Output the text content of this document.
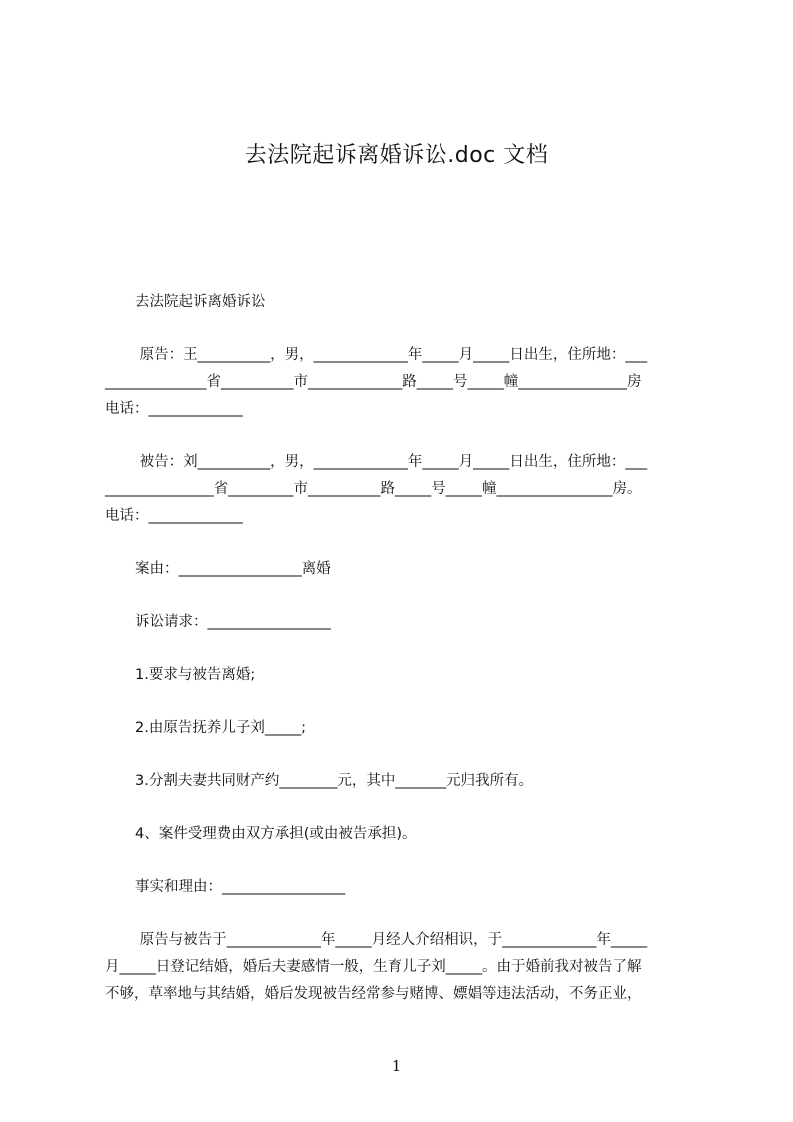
去法院起诉离婚诉讼.doc 文档
去法院起诉离婚诉讼
原告：王__________，男，_____________年_____月_____日出生，住所地：___
______________省__________市_____________路_____号_____幢_______________房
电话：_____________
被告：刘__________，男，_____________年_____月_____日出生，住所地：___
_______________省_________市__________路_____号_____幢________________房。
电话：_____________
案由：_________________离婚
诉讼请求：_________________
1.要求与被告离婚;
2.由原告抚养儿子刘_____;
3.分割夫妻共同财产约________元，其中_______元归我所有。
4、案件受理费由双方承担(或由被告承担)。
事实和理由：_________________
原告与被告于_____________年_____月经人介绍相识，于_____________年_____
月_____日登记结婚，婚后夫妻感情一般，生育儿子刘_____。由于婚前我对被告了解
不够，草率地与其结婚，婚后发现被告经常参与赌博、嫖娼等违法活动，不务正业，
1
